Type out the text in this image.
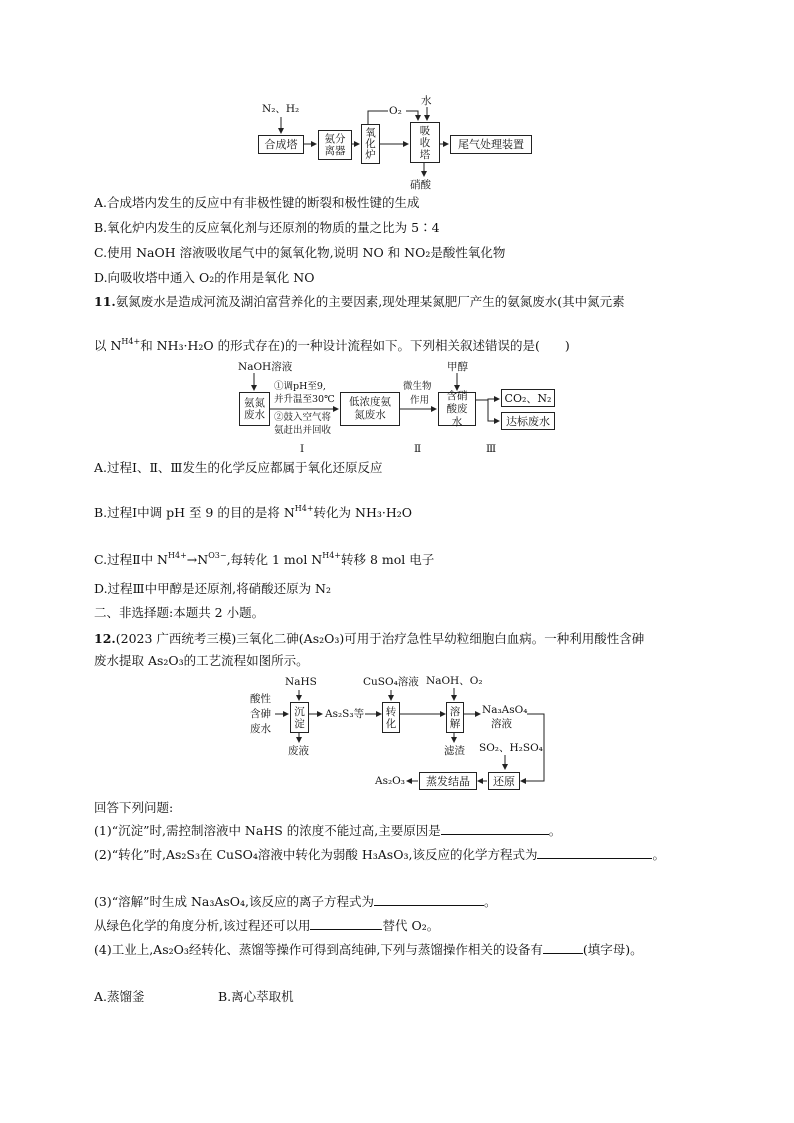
N₂、H₂
合成塔	氨分离器
氧化炉
O₂
水
吸收塔
尾气处理装置
硝酸
A.合成塔内发生的反应中有非极性键的断裂和极性键的生成
B.氧化炉内发生的反应氧化剂与还原剂的物质的量之比为 5∶4
C.使用 NaOH 溶液吸收尾气中的氮氧化物,说明 NO 和 NO₂是酸性氧化物
D.向吸收塔中通入 O₂的作用是氧化 NO
11.氨氮废水是造成河流及湖泊富营养化的主要因素,现处理某氮肥厂产生的氨氮废水(其中氮元素
以 $N^{H4+}$和 NH₃·H₂O 的形式存在)的一种设计流程如下。下列相关叙述错误的是(　　)
NaOH溶液	甲醇
氨氮废水
①调pH至9,
并升温至30℃
②鼓入空气将
氨赶出并回收
低浓度氨氮废水
微生物
作用	含硝酸废水
CO₂、N₂
达标废水
Ⅰ	Ⅱ	Ⅲ
A.过程Ⅰ、Ⅱ、Ⅲ发生的化学反应都属于氧化还原反应
B.过程Ⅰ中调 pH 至 9 的目的是将 $N^{H4+}$转化为 NH₃·H₂O
C.过程Ⅱ中 $N^{H4+}\to N^{O3-}$,每转化 1 mol $N^{H4+}$转移 8 mol 电子
D.过程Ⅲ中甲醇是还原剂,将硝酸还原为 N₂
二、非选择题:本题共 2 小题。
12.(2023 广西统考三模)三氧化二砷(As₂O₃)可用于治疗急性早幼粒细胞白血病。一种利用酸性含砷
废水提取 As₂O₃的工艺流程如图所示。
NaHS	CuSO₄溶液 NaOH、O₂
酸性
含砷
废水
沉淀
As₂S₃等	转化
溶解
Na₃AsO₄
溶液
废液	滤渣 SO₂、H₂SO₄
还原
蒸发结晶
As₂O₃
回答下列问题:
(1)“沉淀”时,需控制溶液中 NaHS 的浓度不能过高,主要原因是	。
(2)“转化”时,As₂S₃在 CuSO₄溶液中转化为弱酸 H₃AsO₃,该反应的化学方程式为	。
(3)“溶解”时生成 Na₃AsO₄,该反应的离子方程式为	。
从绿色化学的角度分析,该过程还可以用	替代 O₂。
(4)工业上,As₂O₃经转化、蒸馏等操作可得到高纯砷,下列与蒸馏操作相关的设备有	(填字母)。
A.蒸馏釜	B.离心萃取机
